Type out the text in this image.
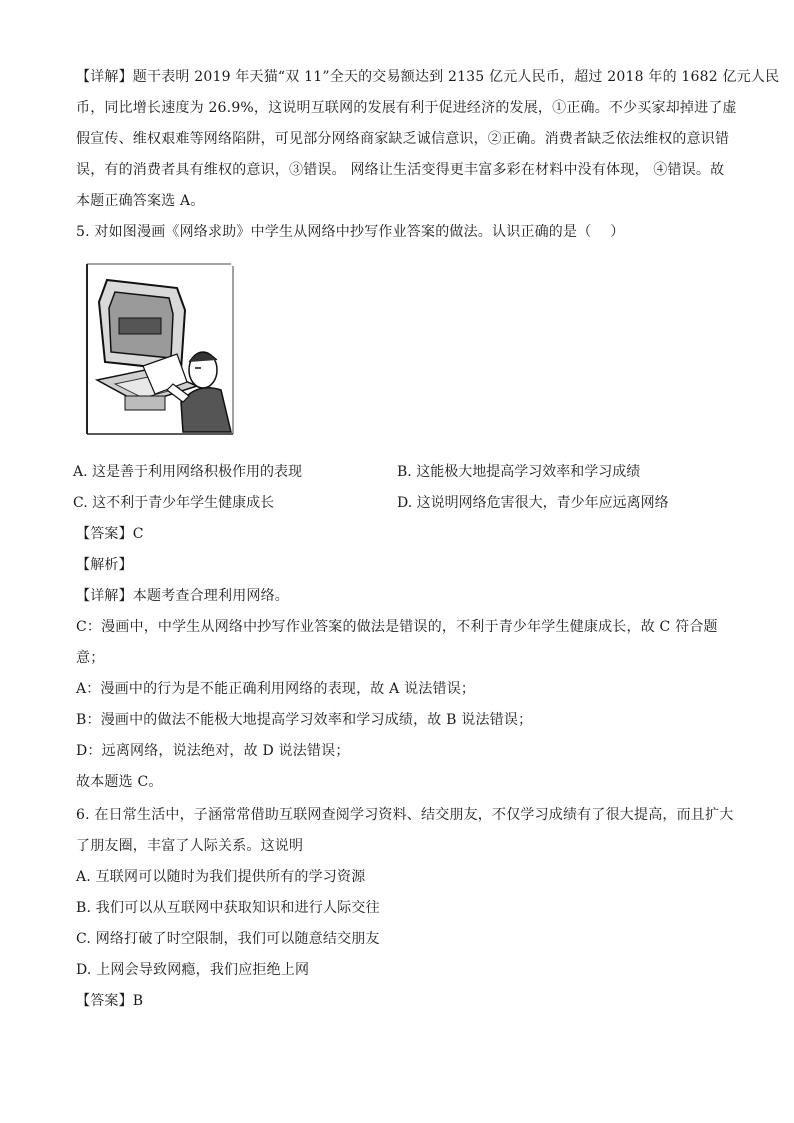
【详解】题干表明 2019 年天猫“双 11”全天的交易额达到 2135 亿元人民币，超过 2018 年的 1682 亿元人民
币，同比增长速度为 26.9%，这说明互联网的发展有利于促进经济的发展，①正确。不少买家却掉进了虚
假宣传、维权艰难等网络陷阱，可见部分网络商家缺乏诚信意识，②正确。消费者缺乏依法维权的意识错
误，有的消费者具有维权的意识，③错误。 网络让生活变得更丰富多彩在材料中没有体现， ④错误。故
本题正确答案选 A。
5. 对如图漫画《网络求助》中学生从网络中抄写作业答案的做法。认识正确的是（　 ）
A. 这是善于利用网络积极作用的表现	B. 这能极大地提高学习效率和学习成绩
C. 这不利于青少年学生健康成长	D. 这说明网络危害很大，青少年应远离网络
【答案】C
【解析】
【详解】本题考查合理利用网络。
C：漫画中，中学生从网络中抄写作业答案的做法是错误的，不利于青少年学生健康成长，故 C 符合题
意；
A：漫画中的行为是不能正确利用网络的表现，故 A 说法错误；
B：漫画中的做法不能极大地提高学习效率和学习成绩，故 B 说法错误；
D：远离网络，说法绝对，故 D 说法错误；
故本题选 C。
6. 在日常生活中，子涵常常借助互联网查阅学习资料、结交朋友，不仅学习成绩有了很大提高，而且扩大
了朋友圈，丰富了人际关系。这说明
A. 互联网可以随时为我们提供所有的学习资源
B. 我们可以从互联网中获取知识和进行人际交往
C. 网络打破了时空限制，我们可以随意结交朋友
D. 上网会导致网瘾，我们应拒绝上网
【答案】B
